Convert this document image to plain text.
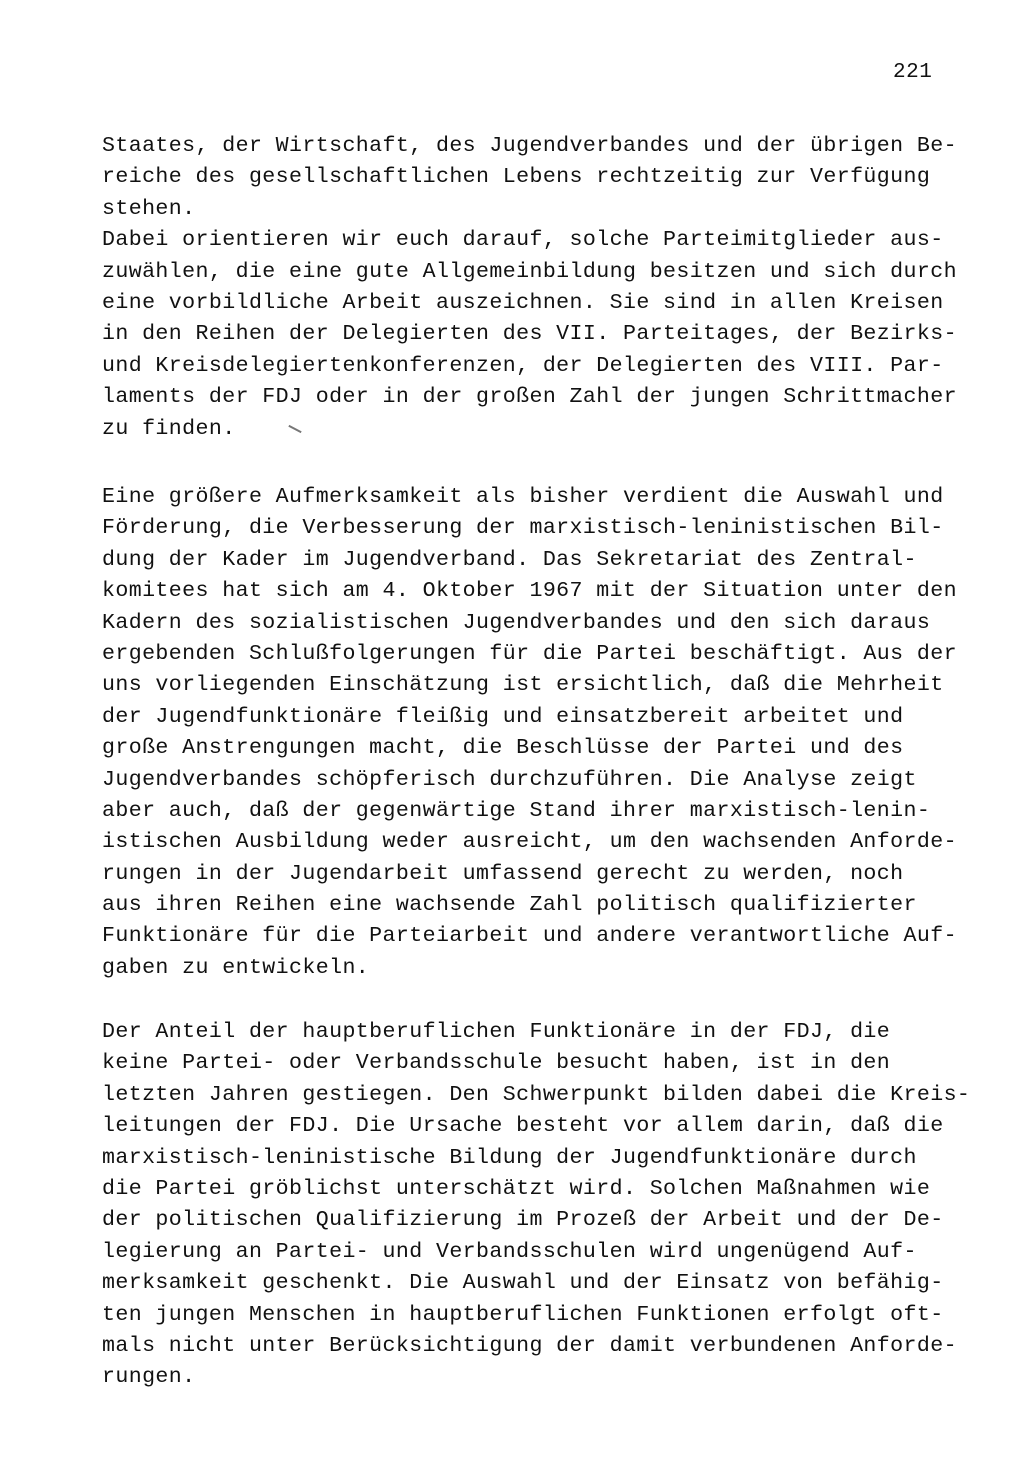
221
Staates, der Wirtschaft, des Jugendverbandes und der übrigen Be-
reiche des gesellschaftlichen Lebens rechtzeitig zur Verfügung
stehen.
Dabei orientieren wir euch darauf, solche Parteimitglieder aus-
zuwählen, die eine gute Allgemeinbildung besitzen und sich durch
eine vorbildliche Arbeit auszeichnen. Sie sind in allen Kreisen
in den Reihen der Delegierten des VII. Parteitages, der Bezirks-
und Kreisdelegiertenkonferenzen, der Delegierten des VIII. Par-
laments der FDJ oder in der großen Zahl der jungen Schrittmacher
zu finden.
Eine größere Aufmerksamkeit als bisher verdient die Auswahl und
Förderung, die Verbesserung der marxistisch-leninistischen Bil-
dung der Kader im Jugendverband. Das Sekretariat des Zentral-
komitees hat sich am 4. Oktober 1967 mit der Situation unter den
Kadern des sozialistischen Jugendverbandes und den sich daraus
ergebenden Schlußfolgerungen für die Partei beschäftigt. Aus der
uns vorliegenden Einschätzung ist ersichtlich, daß die Mehrheit
der Jugendfunktionäre fleißig und einsatzbereit arbeitet und
große Anstrengungen macht, die Beschlüsse der Partei und des
Jugendverbandes schöpferisch durchzuführen. Die Analyse zeigt
aber auch, daß der gegenwärtige Stand ihrer marxistisch-lenin-
istischen Ausbildung weder ausreicht, um den wachsenden Anforde-
rungen in der Jugendarbeit umfassend gerecht zu werden, noch
aus ihren Reihen eine wachsende Zahl politisch qualifizierter
Funktionäre für die Parteiarbeit und andere verantwortliche Auf-
gaben zu entwickeln.
Der Anteil der hauptberuflichen Funktionäre in der FDJ, die
keine Partei- oder Verbandsschule besucht haben, ist in den
letzten Jahren gestiegen. Den Schwerpunkt bilden dabei die Kreis-
leitungen der FDJ. Die Ursache besteht vor allem darin, daß die
marxistisch-leninistische Bildung der Jugendfunktionäre durch
die Partei gröblichst unterschätzt wird. Solchen Maßnahmen wie
der politischen Qualifizierung im Prozeß der Arbeit und der De-
legierung an Partei- und Verbandsschulen wird ungenügend Auf-
merksamkeit geschenkt. Die Auswahl und der Einsatz von befähig-
ten jungen Menschen in hauptberuflichen Funktionen erfolgt oft-
mals nicht unter Berücksichtigung der damit verbundenen Anforde-
rungen.
